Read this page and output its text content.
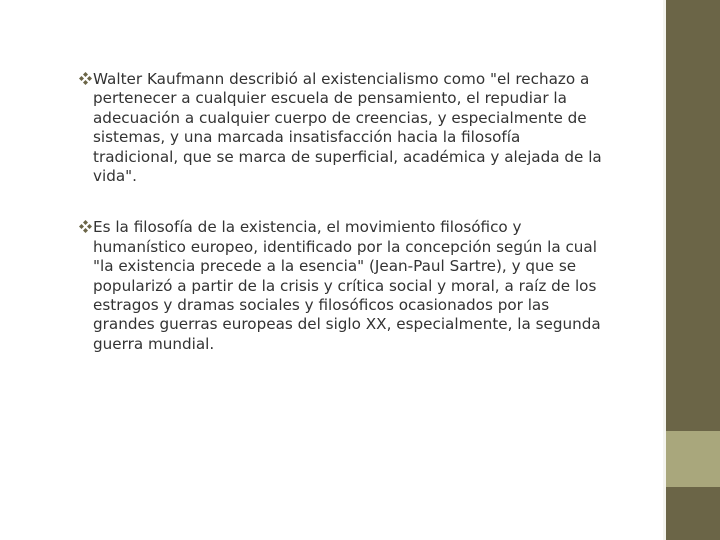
Walter Kaufmann describió al existencialismo como "el rechazo a pertenecer a cualquier escuela de pensamiento, el repudiar la adecuación a cualquier cuerpo de creencias, y especialmente de sistemas, y una marcada insatisfacción hacia la filosofía tradicional, que se marca de superficial, académica y alejada de la vida".
Es la filosofía de la existencia, el movimiento filosófico y humanístico europeo, identificado por la concepción según la cual "la existencia precede a la esencia" (Jean-Paul Sartre), y que se popularizó a partir de la crisis y crítica social y moral, a raíz de los estragos y dramas sociales y filosóficos ocasionados por las grandes guerras europeas del siglo XX, especialmente, la segunda guerra mundial.
